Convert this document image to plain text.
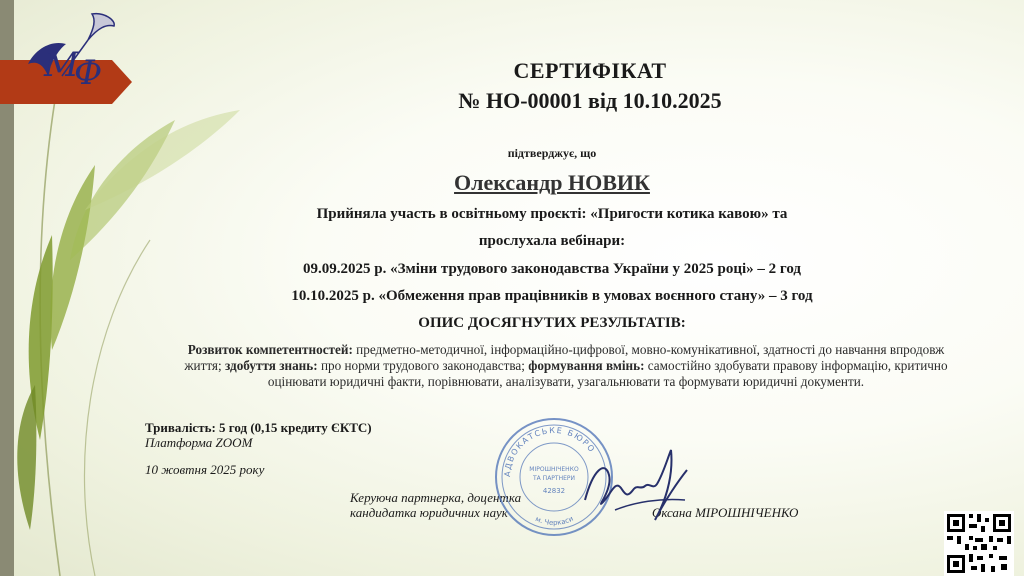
М
Ф	СЕРТИФІКАТ
№ НО-00001 від 10.10.2025
підтверджує, що
Олександр НОВИК
Прийняла участь в освітньому проєкті: «Пригости котика кавою» та
прослухала вебінари:
09.09.2025 р. «Зміни трудового законодавства України у 2025 році» – 2 год
10.10.2025 р. «Обмеження прав працівників в умовах воєнного стану» – 3 год
ОПИС ДОСЯГНУТИХ РЕЗУЛЬТАТІВ:
Розвиток компетентностей: предметно-методичної, інформаційно-цифрової, мовно-комунікативної, здатності до навчання впродовж життя; здобуття знань: про норми трудового законодавства; формування вмінь: самостійно здобувати правову інформацію, критично оцінювати юридичні факти, порівнювати, аналізувати, узагальнювати та формувати юридичні документи.
Тривалість: 5 год (0,15 кредиту ЄКТС)
Платформа ZOOM
10 жовтня 2025 року
Керуюча партнерка, доцентка
кандидатка юридичних наук	Оксана МІРОШНІЧЕНКО
АДВОКАТСЬКЕ БЮРО
м. Черкаси
МІРОШНІЧЕНКО
ТА ПАРТНЕРИ
42832
